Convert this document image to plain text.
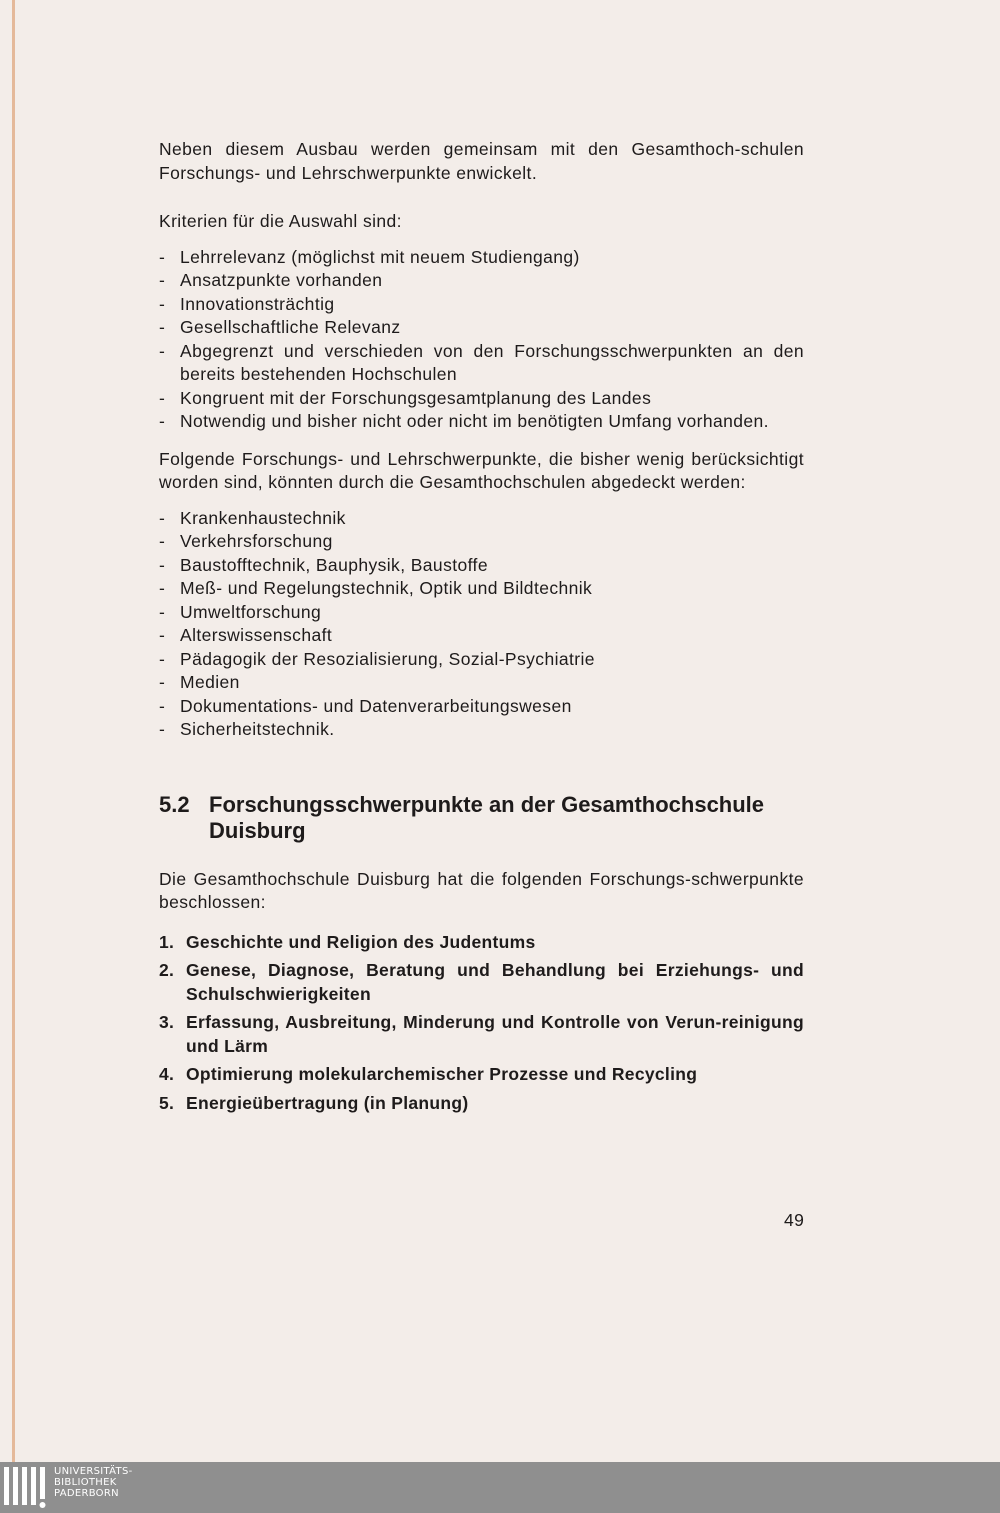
Neben diesem Ausbau werden gemeinsam mit den Gesamthoch-schulen Forschungs- und Lehrschwerpunkte enwickelt.

Kriterien für die Auswahl sind:

- Lehrrelevanz (möglichst mit neuem Studiengang)
- Ansatzpunkte vorhanden
- Innovationsträchtig
- Gesellschaftliche Relevanz
- Abgegrenzt und verschieden von den Forschungsschwerpunkten an den bereits bestehenden Hochschulen
- Kongruent mit der Forschungsgesamtplanung des Landes
- Notwendig und bisher nicht oder nicht im benötigten Umfang vorhanden.

Folgende Forschungs- und Lehrschwerpunkte, die bisher wenig berücksichtigt worden sind, könnten durch die Gesamthochschulen abgedeckt werden:

- Krankenhaustechnik
- Verkehrsforschung
- Baustofftechnik, Bauphysik, Baustoffe
- Meß- und Regelungstechnik, Optik und Bildtechnik
- Umweltforschung
- Alterswissenschaft
- Pädagogik der Resozialisierung, Sozial-Psychiatrie
- Medien
- Dokumentations- und Datenverarbeitungswesen
- Sicherheitstechnik.
5.2 Forschungsschwerpunkte an der Gesamthochschule Duisburg

Die Gesamthochschule Duisburg hat die folgenden Forschungs-schwerpunkte beschlossen:

1. Geschichte und Religion des Judentums
2. Genese, Diagnose, Beratung und Behandlung bei Erziehungs- und Schulschwierigkeiten
3. Erfassung, Ausbreitung, Minderung und Kontrolle von Verun-reinigung und Lärm
4. Optimierung molekularchemischer Prozesse und Recycling
5. Energieübertragung (in Planung)
49
UNIVERSITÄTS-
BIBLIOTHEK
PADERBORN
